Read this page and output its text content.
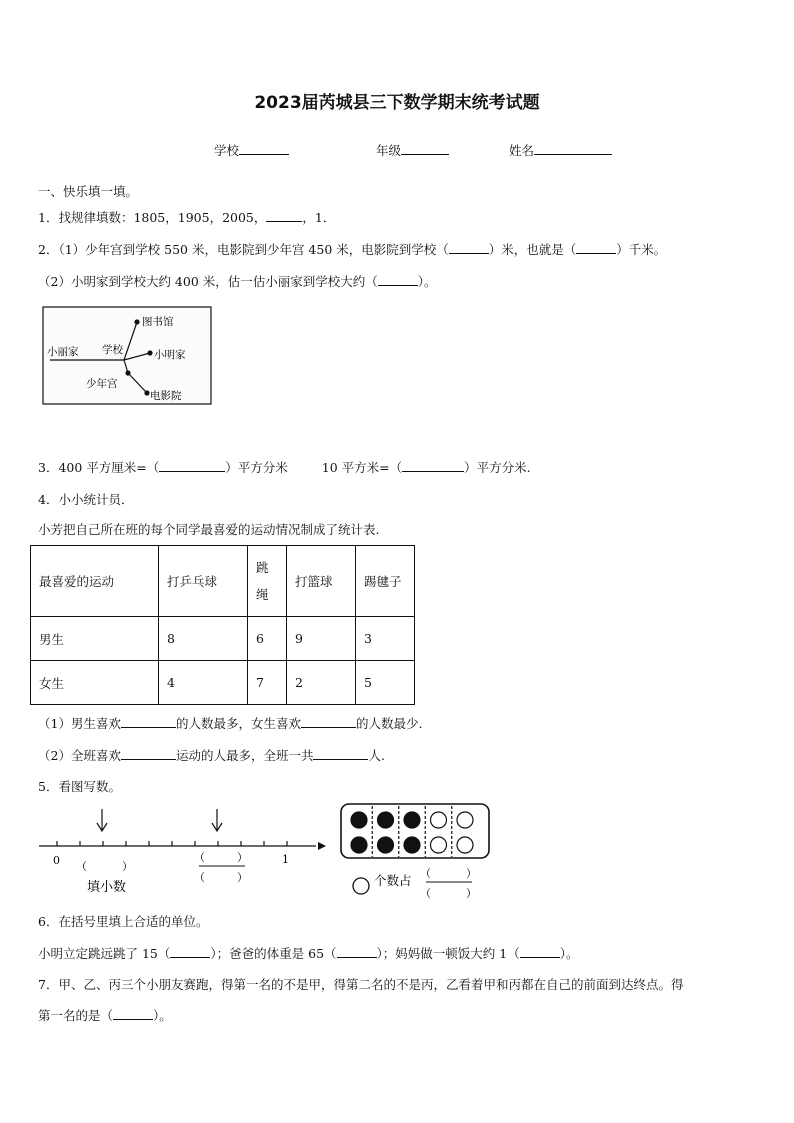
2023届芮城县三下数学期末统考试题
学校	年级	姓名
一、快乐填一填。
1．找规律填数：1805，1905，2005，	，1．
2．（1）少年宫到学校 550 米，电影院到少年宫 450 米，电影院到学校（	）米，也就是（	）千米。
（2）小明家到学校大约 400 米，估一估小丽家到学校大约（	）。
图书馆
小丽家 学校	小明家
少年宫
电影院
3．400 平方厘米=（	）平方分米	10 平方米=（	）平方分米.
4．小小统计员．
小芳把自己所在班的每个同学最喜爱的运动情况制成了统计表.
最喜爱的运动	打乒乓球	跳绳	打篮球	踢毽子
男生	8	6	9	3
女生	4	7	2	5
（1）男生喜欢	的人数最多，女生喜欢	的人数最少.
（2）全班喜欢	运动的人最多，全班一共	人.
5．看图写数。
0	1
（	）
填小数
（	）
（	）	个数占 （	）
（	）
6．在括号里填上合适的单位。
小明立定跳远跳了 15（	）；爸爸的体重是 65（	）；妈妈做一顿饭大约 1（	）。
7．甲、乙、丙三个小朋友赛跑，得第一名的不是甲，得第二名的不是丙，乙看着甲和丙都在自己的前面到达终点。得
第一名的是（	）。
